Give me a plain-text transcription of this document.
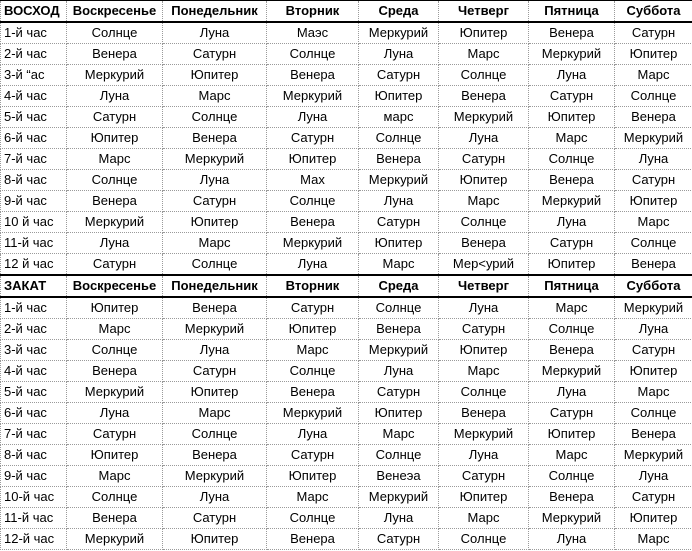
ВОСХОД	Воскресенье	Понедельник	Вторник	Среда	Четверг	Пятница	Суббота
1-й час	Солнце	Луна	Маэс	Меркурий	Юпитер	Венера	Сатурн
2-й час	Венера	Сатурн	Солнце	Луна	Марс	Меркурий	Юпитер
3-й “ас	Меркурий	Юпитер	Венера	Сатурн	Солнце	Луна	Марс
4-й час	Луна	Марс	Меркурий	Юпитер	Венера	Сатурн	Солнце
5-й час	Сатурн	Солнце	Луна	марс	Меркурий	Юпитер	Венера
6-й час	Юпитер	Венера	Сатурн	Солнце	Луна	Марс	Меркурий
7-й час	Марс	Меркурий	Юпитер	Венера	Сатурн	Солнце	Луна
8-й час	Солнце	Луна	Мах	Меркурий	Юпитер	Венера	Сатурн
9-й час	Венера	Сатурн	Солнце	Луна	Марс	Меркурий	Юпитер
10 й час	Меркурий	Юпитер	Венера	Сатурн	Солнце	Луна	Марс
11-й час	Луна	Марс	Меркурий	Юпитер	Венера	Сатурн	Солнце
12 й час	Сатурн	Солнце	Луна	Марс	Мер<урий	Юпитер	Венера
ЗАКАТ	Воскресенье	Понедельник	Вторник	Среда	Четверг	Пятница	Суббота
1-й час	Юпитер	Венера	Сатурн	Солнце	Луна	Марс	Меркурий
2-й час	Марс	Меркурий	Юпитер	Венера	Сатурн	Солнце	Луна
3-й час	Солнце	Луна	Марс	Меркурий	Юпитер	Венера	Сатурн
4-й час	Венера	Сатурн	Солнце	Луна	Марс	Меркурий	Юпитер
5-й час	Меркурий	Юпитер	Венера	Сатурн	Солнце	Луна	Марс
6-й час	Луна	Марс	Меркурий	Юпитер	Венера	Сатурн	Солнце
7-й час	Сатурн	Солнце	Луна	Марс	Меркурий	Юпитер	Венера
8-й час	Юпитер	Венера	Сатурн	Солнце	Луна	Марс	Меркурий
9-й час	Марс	Меркурий	Юпитер	Венеэа	Сатурн	Солнце	Луна
10-й час	Солнце	Луна	Марс	Меркурий	Юпитер	Венера	Сатурн
11-й час	Венера	Сатурн	Солнце	Луна	Марс	Меркурий	Юпитер
12-й час	Меркурий	Юпитер	Венера	Сатурн	Солнце	Луна	Марс
